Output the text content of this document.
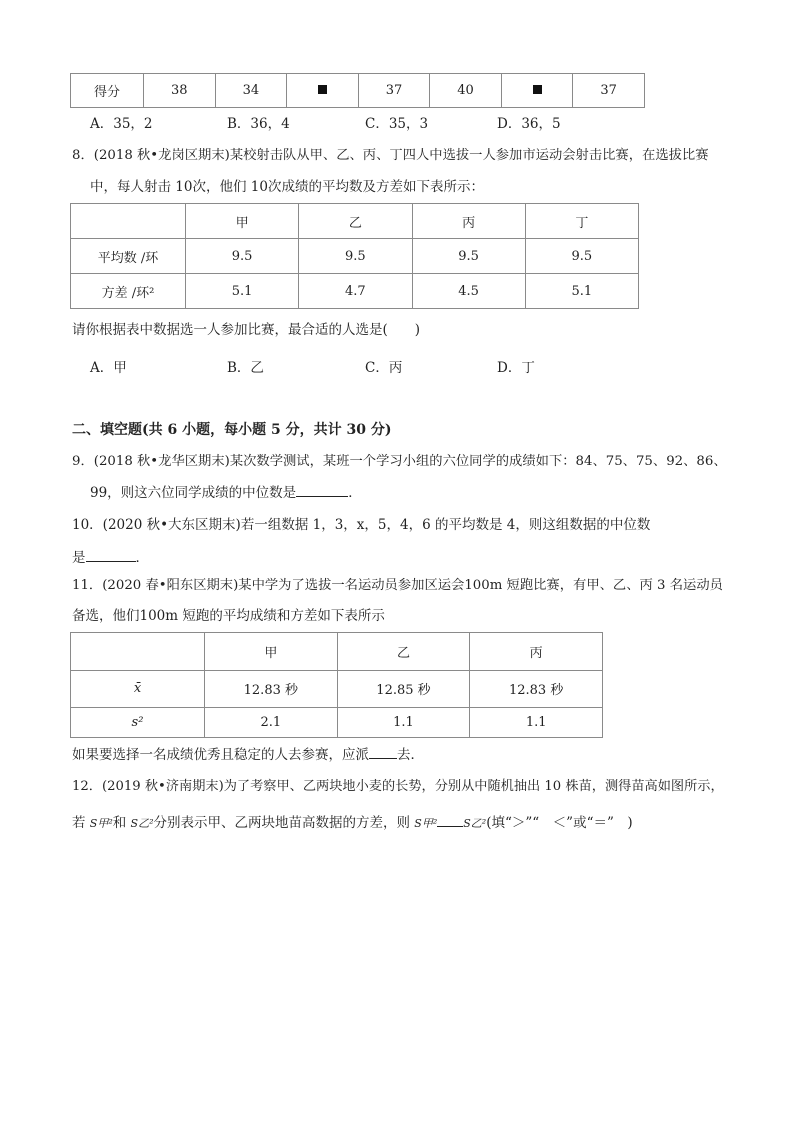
得分	38	34		37	40		37
A．35，2	B．36，4	C．35，3	D．36，5
8．(2018 秋•龙岗区期末)某校射击队从甲、乙、丙、丁四人中选拔一人参加市运动会射击比赛，在选拔比赛
中，每人射击 10次，他们 10次成绩的平均数及方差如下表所示：
	甲	乙	丙	丁
平均数 /环	9.5	9.5	9.5	9.5
方差 /环²	5.1	4.7	4.5	5.1
请你根据表中数据选一人参加比赛，最合适的人选是(　　)
A．甲	B．乙	C．丙	D．丁
二、填空题(共 6 小题，每小题 5 分，共计 30 分)
9．(2018 秋•龙华区期末)某次数学测试，某班一个学习小组的六位同学的成绩如下：84、75、75、92、86、
99，则这六位同学成绩的中位数是	．
10．(2020 秋•大东区期末)若一组数据 1，3，x，5，4，6 的平均数是 4，则这组数据的中位数
是	．
11．(2020 春•阳东区期末)某中学为了选拔一名运动员参加区运会100m 短跑比赛，有甲、乙、丙 3 名运动员
备选，他们100m 短跑的平均成绩和方差如下表所示
	甲	乙	丙
x̄	12.83 秒	12.85 秒	12.83 秒
s²	2.1	1.1	1.1
如果要选择一名成绩优秀且稳定的人去参赛，应派 去．
12．(2019 秋•济南期末)为了考察甲、乙两块地小麦的长势，分别从中随机抽出 10 株苗，测得苗高如图所示，
若 S甲²和 S乙²分别表示甲、乙两块地苗高数据的方差，则 S甲² S乙²(填“＞”“　＜”或“＝”　)
